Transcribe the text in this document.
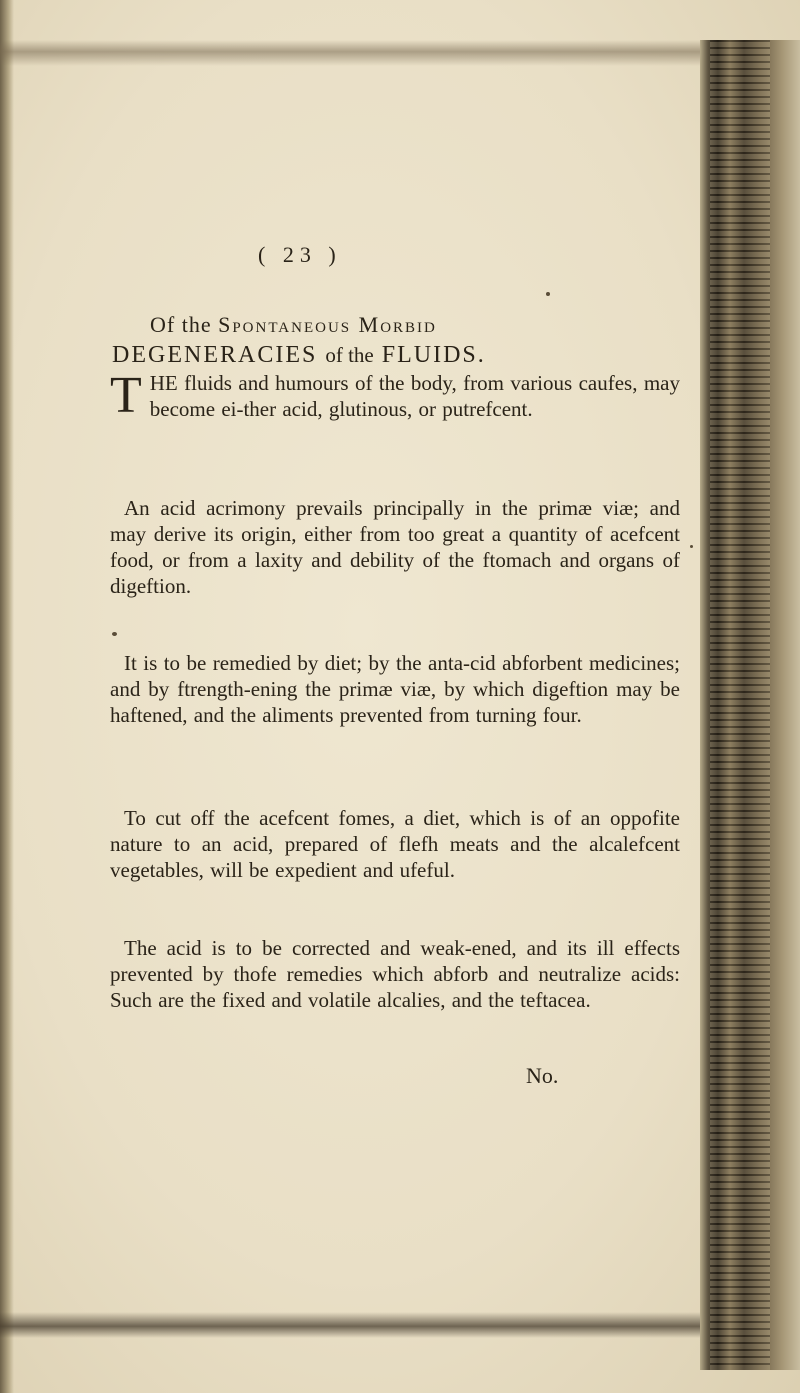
( 23 )
Of the Spontaneous Morbid
DEGENERACIES of the FLUIDS.
T HE fluids and humours of the body, from various caufes, may become ei-ther acid, glutinous, or putrefcent.
An acid acrimony prevails principally in the primæ viæ; and may derive its origin, either from too great a quantity of acefcent food, or from a laxity and debility of the ftomach and organs of digeftion.
It is to be remedied by diet; by the anta-cid abforbent medicines; and by ftrength-ening the primæ viæ, by which digeftion may be haftened, and the aliments prevented from turning four.
To cut off the acefcent fomes, a diet, which is of an oppofite nature to an acid, prepared of flefh meats and the alcalefcent vegetables, will be expedient and ufeful.
The acid is to be corrected and weak-ened, and its ill effects prevented by thofe remedies which abforb and neutralize acids: Such are the fixed and volatile alcalies, and the teftacea.
No.
